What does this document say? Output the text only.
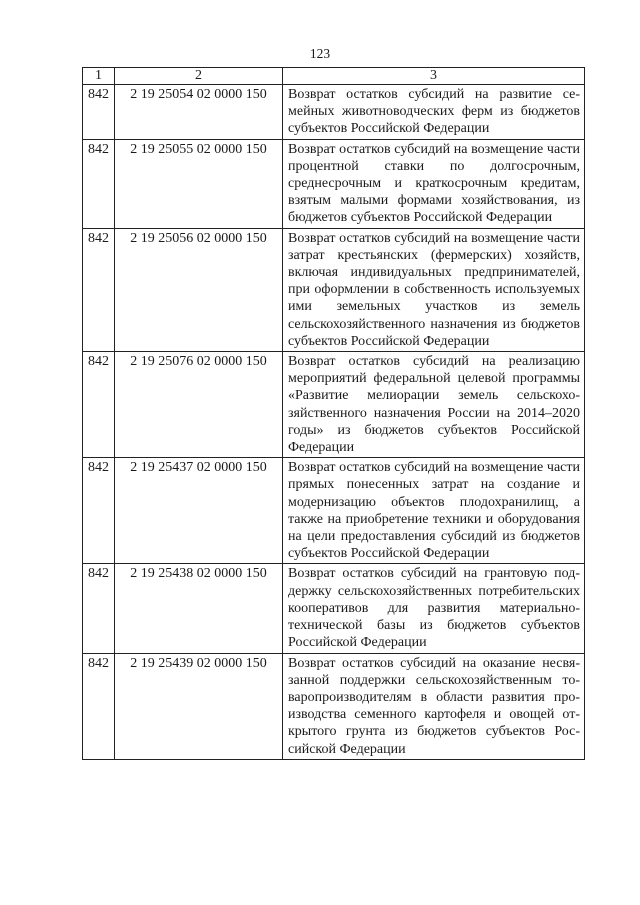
123
1	2	3
842	2 19 25054 02 0000 150	Возврат остатков субсидий на развитие семейных животноводческих ферм из бюджетов субъектов Российской Федерации
842	2 19 25055 02 0000 150	Возврат остатков субсидий на возмещение части процентной ставки по долгосрочным, среднесрочным и краткосрочным кредитам, взятым малыми формами хозяйствования, из бюджетов субъектов Российской Федерации
842	2 19 25056 02 0000 150	Возврат остатков субсидий на возмещение части затрат крестьянских (фермерских) хозяйств, включая индивидуальных предпринимателей, при оформлении в собственность используемых ими земельных участков из земель сельскохозяйственного назначения из бюджетов субъектов Российской Федерации
842	2 19 25076 02 0000 150	Возврат остатков субсидий на реализацию мероприятий федеральной целевой программы «Развитие мелиорации земель сельскохозяйственного назначения России на 2014–2020 годы» из бюджетов субъектов Российской Федерации
842	2 19 25437 02 0000 150	Возврат остатков субсидий на возмещение части прямых понесенных затрат на создание и модернизацию объектов плодохранилищ, а также на приобретение техники и оборудования на цели предоставления субсидий из бюджетов субъектов Российской Федерации
842	2 19 25438 02 0000 150	Возврат остатков субсидий на грантовую поддержку сельскохозяйственных потребительских кооперативов для развития материально-технической базы из бюджетов субъектов Российской Федерации
842	2 19 25439 02 0000 150	Возврат остатков субсидий на оказание несвязанной поддержки сельскохозяйственным товаропроизводителям в области развития производства семенного картофеля и овощей открытого грунта из бюджетов субъектов Российской Федерации
